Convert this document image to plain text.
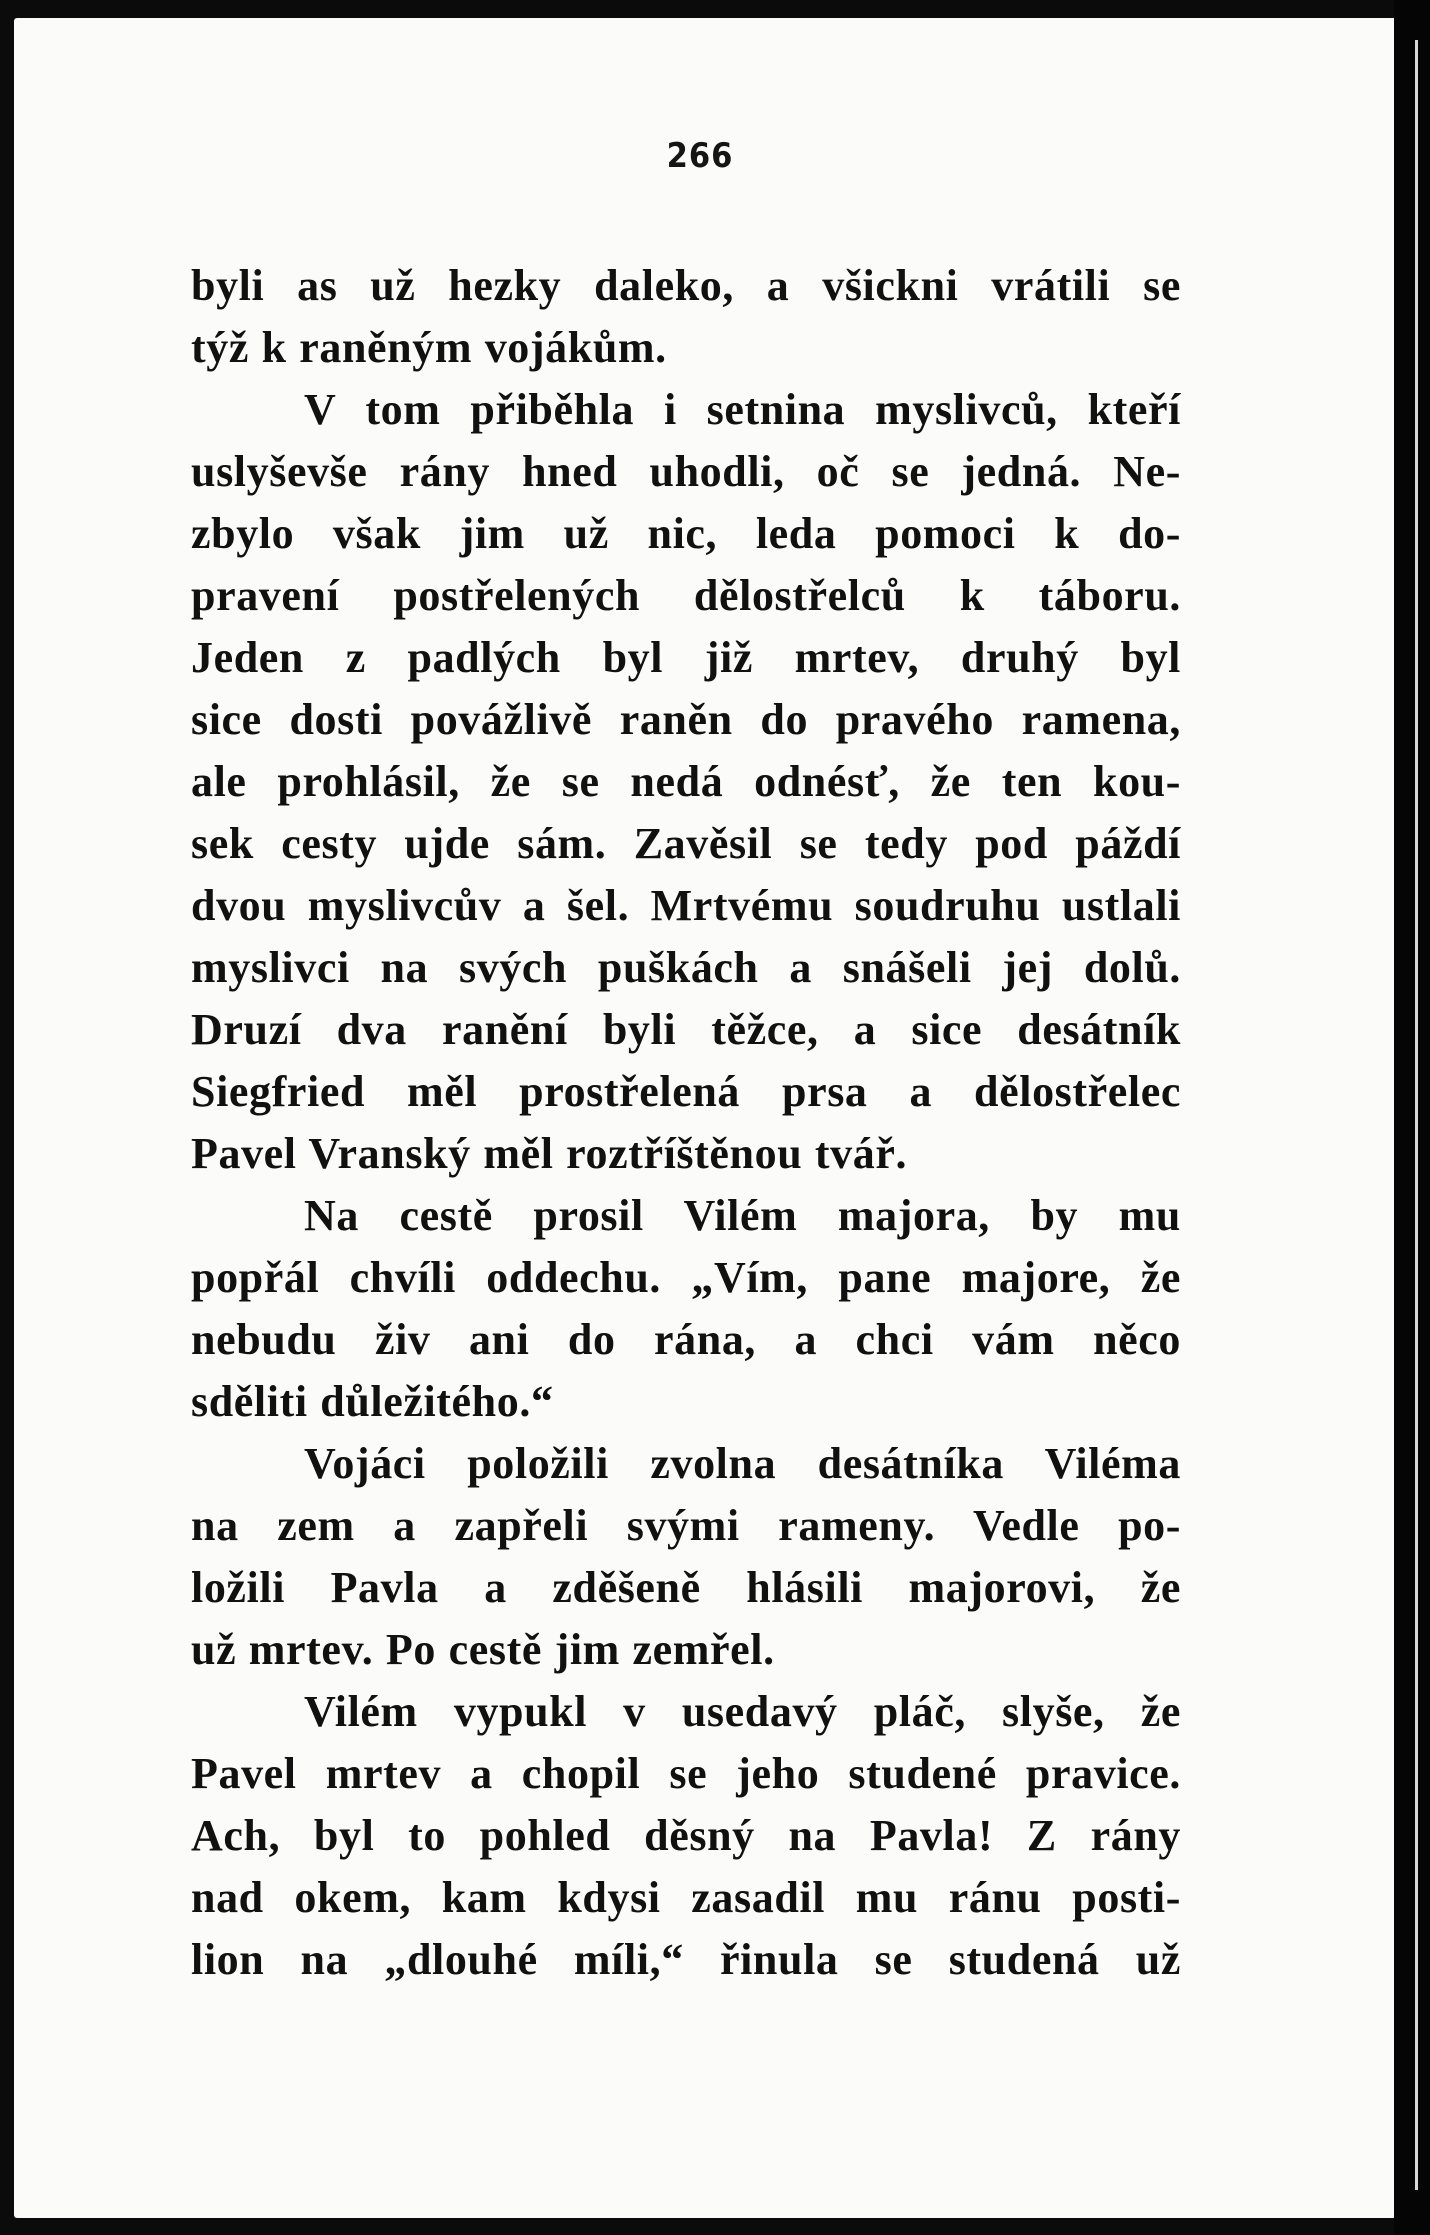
266
byli as už hezky daleko, a všickni vrátili se
týž k raněným vojákům.
V tom přiběhla i setnina myslivců, kteří
uslyševše rány hned uhodli, oč se jedná. Ne-
zbylo však jim už nic, leda pomoci k do-
pravení postřelených dělostřelců k táboru.
Jeden z padlých byl již mrtev, druhý byl
sice dosti povážlivě raněn do pravého ramena,
ale prohlásil, že se nedá odnésť, že ten kou-
sek cesty ujde sám. Zavěsil se tedy pod páždí
dvou myslivcův a šel. Mrtvému soudruhu ustlali
myslivci na svých puškách a snášeli jej dolů.
Druzí dva ranění byli těžce, a sice desátník
Siegfried měl prostřelená prsa a dělostřelec
Pavel Vranský měl roztříštěnou tvář.
Na cestě prosil Vilém majora, by mu
popřál chvíli oddechu. „Vím, pane majore, že
nebudu živ ani do rána, a chci vám něco
sděliti důležitého.“
Vojáci položili zvolna desátníka Viléma
na zem a zapřeli svými rameny. Vedle po-
ložili Pavla a zděšeně hlásili majorovi, že
už mrtev. Po cestě jim zemřel.
Vilém vypukl v usedavý pláč, slyše, že
Pavel mrtev a chopil se jeho studené pravice.
Ach, byl to pohled děsný na Pavla! Z rány
nad okem, kam kdysi zasadil mu ránu posti-
lion na „dlouhé míli,“ řinula se studená už
